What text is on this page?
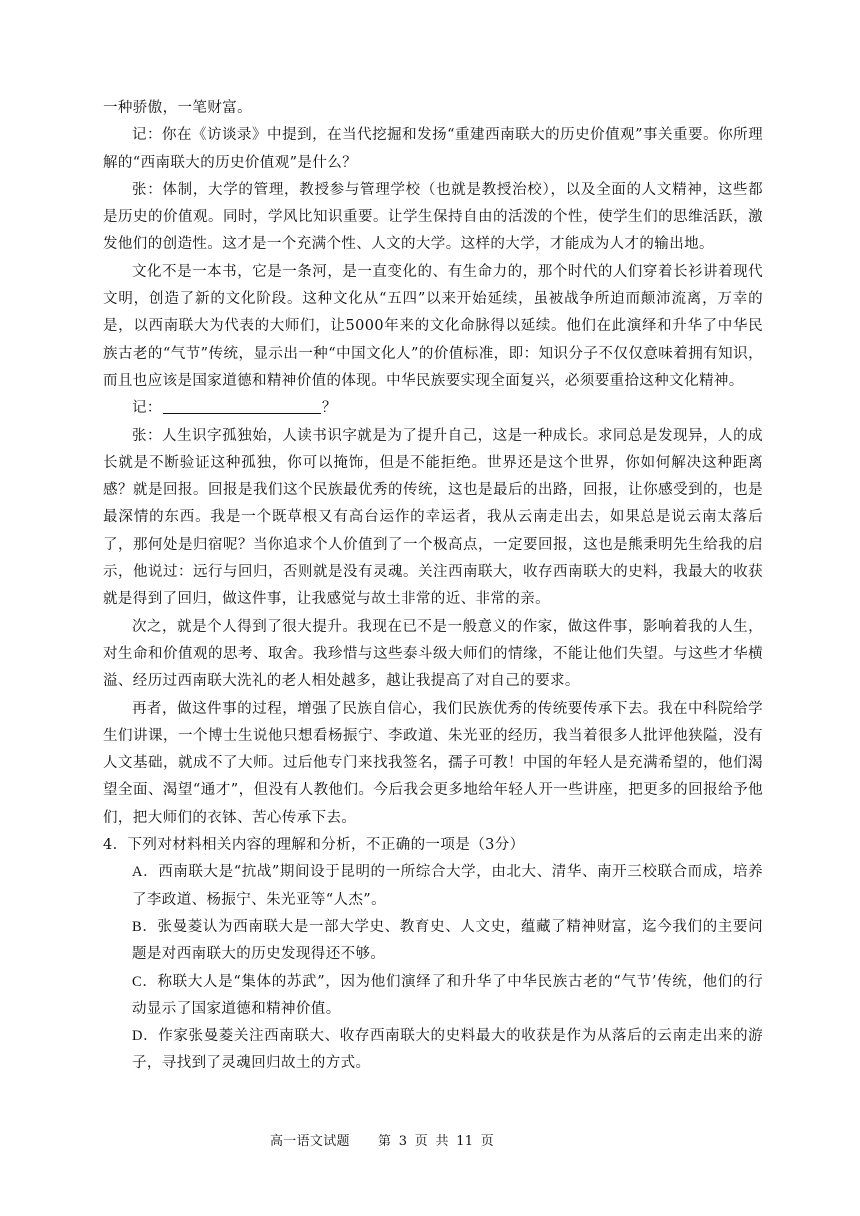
一种骄傲，一笔财富。

记：你在《访谈录》中提到，在当代挖掘和发扬“重建西南联大的历史价值观”事关重要。你所理解的“西南联大的历史价值观”是什么？

张：体制，大学的管理，教授参与管理学校（也就是教授治校），以及全面的人文精神，这些都是历史的价值观。同时，学风比知识重要。让学生保持自由的活泼的个性，使学生们的思维活跃，激发他们的创造性。这才是一个充满个性、人文的大学。这样的大学，才能成为人才的输出地。

文化不是一本书，它是一条河，是一直变化的、有生命力的，那个时代的人们穿着长衫讲着现代文明，创造了新的文化阶段。这种文化从“五四”以来开始延续，虽被战争所迫而颠沛流离，万幸的是，以西南联大为代表的大师们，让5000年来的文化命脉得以延续。他们在此演绎和升华了中华民族古老的“气节”传统，显示出一种“中国文化人”的价值标准，即：知识分子不仅仅意味着拥有知识，而且也应该是国家道德和精神价值的体现。中华民族要实现全面复兴，必须要重拾这种文化精神。

记：	？

张：人生识字孤独始，人读书识字就是为了提升自己，这是一种成长。求同总是发现异，人的成长就是不断验证这种孤独，你可以掩饰，但是不能拒绝。世界还是这个世界，你如何解决这种距离感？就是回报。回报是我们这个民族最优秀的传统，这也是最后的出路，回报，让你感受到的，也是最深情的东西。我是一个既草根又有高台运作的幸运者，我从云南走出去，如果总是说云南太落后了，那何处是归宿呢？当你追求个人价值到了一个极高点，一定要回报，这也是熊秉明先生给我的启示，他说过：远行与回归，否则就是没有灵魂。关注西南联大，收存西南联大的史料，我最大的收获就是得到了回归，做这件事，让我感觉与故土非常的近、非常的亲。

次之，就是个人得到了很大提升。我现在已不是一般意义的作家，做这件事，影响着我的人生，对生命和价值观的思考、取舍。我珍惜与这些泰斗级大师们的情缘，不能让他们失望。与这些才华横溢、经历过西南联大洗礼的老人相处越多，越让我提高了对自己的要求。

再者，做这件事的过程，增强了民族自信心，我们民族优秀的传统要传承下去。我在中科院给学生们讲课，一个博士生说他只想看杨振宁、李政道、朱光亚的经历，我当着很多人批评他狭隘，没有人文基础，就成不了大师。过后他专门来找我签名，孺子可教！中国的年轻人是充满希望的，他们渴望全面、渴望“通才”，但没有人教他们。今后我会更多地给年轻人开一些讲座，把更多的回报给予他们，把大师们的衣钵、苦心传承下去。

4．下列对材料相关内容的理解和分析，不正确的一项是（3分）

A．西南联大是“抗战”期间设于昆明的一所综合大学，由北大、清华、南开三校联合而成，培养了李政道、杨振宁、朱光亚等“人杰”。
B．张曼菱认为西南联大是一部大学史、教育史、人文史，蕴藏了精神财富，迄今我们的主要问题是对西南联大的历史发现得还不够。
C．称联大人是“集体的苏武”，因为他们演绎了和升华了中华民族古老的“气节’传统，他们的行动显示了国家道德和精神价值。
D．作家张曼菱关注西南联大、收存西南联大的史料最大的收获是作为从落后的云南走出来的游子，寻找到了灵魂回归故土的方式。
高一语文试题 第 3 页 共 11 页
